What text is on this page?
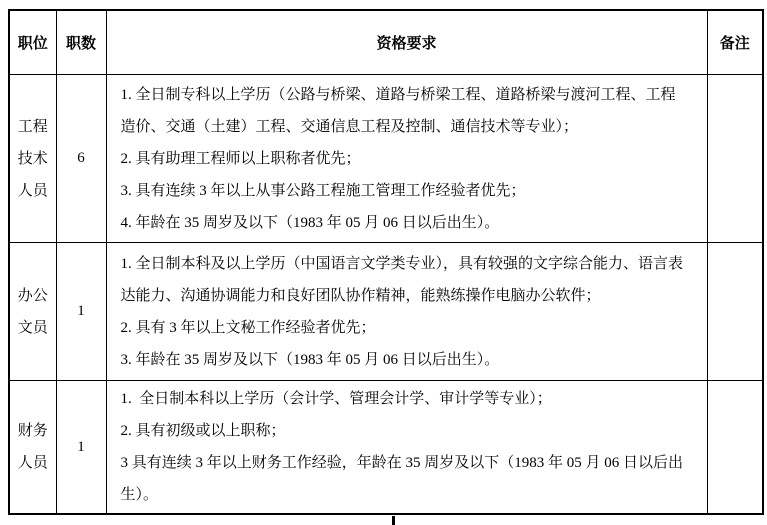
职位	职数	资格要求	备注
工程技术人员	6	1. 全日制专科以上学历（公路与桥梁、道路与桥梁工程、道路桥梁与渡河工程、工程造价、交通（土建）工程、交通信息工程及控制、通信技术等专业）；

2. 具有助理工程师以上职称者优先；

3. 具有连续 3 年以上从事公路工程施工管理工作经验者优先；

4. 年龄在 35 周岁及以下（1983 年 05 月 06 日以后出生）。	

办公文员	1	1. 全日制本科及以上学历（中国语言文学类专业），具有较强的文字综合能力、语言表达能力、沟通协调能力和良好团队协作精神，能熟练操作电脑办公软件；

2. 具有 3 年以上文秘工作经验者优先；

3. 年龄在 35 周岁及以下（1983 年 05 月 06 日以后出生）。	

财务人员	1	1.  全日制本科以上学历（会计学、管理会计学、审计学等专业）；

2. 具有初级或以上职称；

3 具有连续 3 年以上财务工作经验，年龄在 35 周岁及以下（1983 年 05 月 06 日以后出生）。	
